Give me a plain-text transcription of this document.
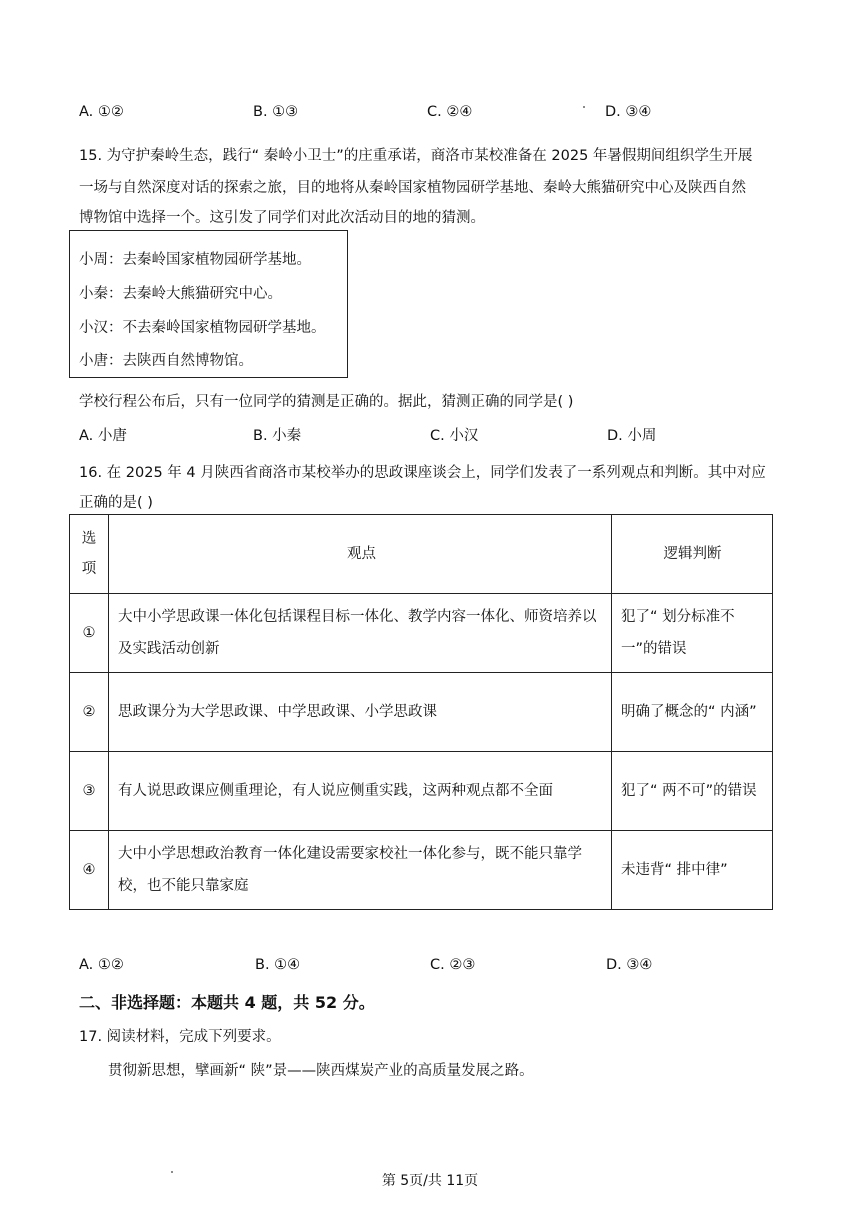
A. ①②	B. ①③	C. ②④	D. ③④
15. 为守护秦岭生态，践行“ 秦岭小卫士”的庄重承诺，商洛市某校准备在 2025 年暑假期间组织学生开展
一场与自然深度对话的探索之旅，目的地将从秦岭国家植物园研学基地、秦岭大熊猫研究中心及陕西自然
博物馆中选择一个。这引发了同学们对此次活动目的地的猜测。
小周：去秦岭国家植物园研学基地。
小秦：去秦岭大熊猫研究中心。
小汉：不去秦岭国家植物园研学基地。
小唐：去陕西自然博物馆。
学校行程公布后，只有一位同学的猜测是正确的。据此，猜测正确的同学是( )
A. 小唐	B. 小秦	C. 小汉	D. 小周
16. 在 2025 年 4 月陕西省商洛市某校举办的思政课座谈会上，同学们发表了一系列观点和判断。其中对应
正确的是( )
选项	观点	逻辑判断
①	大中小学思政课一体化包括课程目标一体化、教学内容一体化、师资培养以及实践活动创新	犯了“ 划分标准不一”的错误
②	思政课分为大学思政课、中学思政课、小学思政课	明确了概念的“ 内涵”
③	有人说思政课应侧重理论，有人说应侧重实践，这两种观点都不全面	犯了“ 两不可”的错误
④	大中小学思想政治教育一体化建设需要家校社一体化参与，既不能只靠学校，也不能只靠家庭	未违背“ 排中律”
A. ①②	B. ①④	C. ②③	D. ③④
二、非选择题：本题共 4 题，共 52 分。
17. 阅读材料，完成下列要求。
贯彻新思想，擘画新“ 陕”景——陕西煤炭产业的高质量发展之路。
第 5页/共 11页
